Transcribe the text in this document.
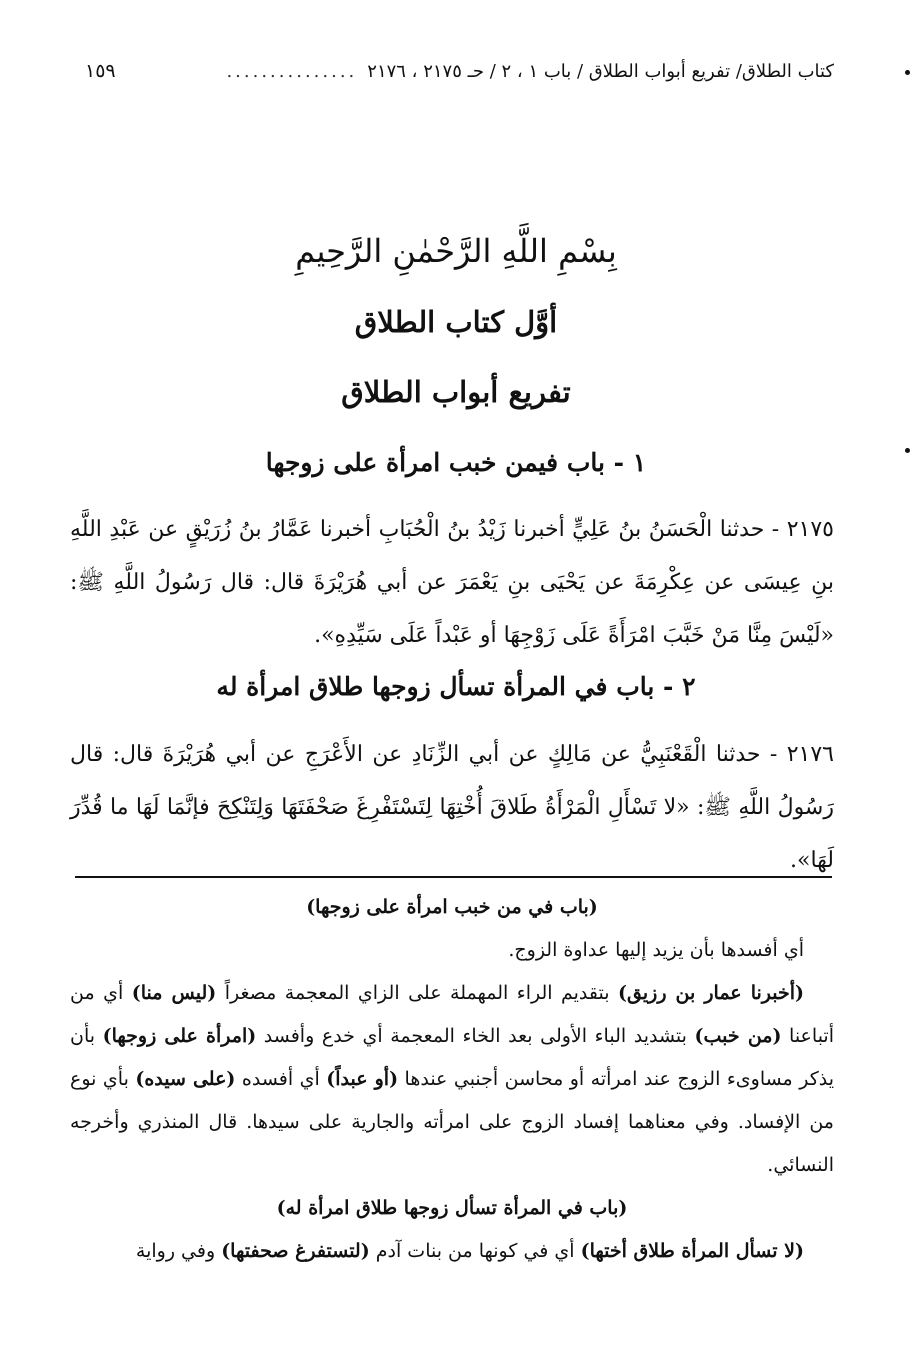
كتاب الطلاق/ تفريع أبواب الطلاق / باب ١ ، ٢ / حـ ٢١٧٥ ، ٢١٧٦
...............
١٥٩
بِسْمِ اللَّهِ الرَّحْمٰنِ الرَّحِيمِ
أوَّل كتاب الطلاق
تفريع أبواب الطلاق
١ - باب فيمن خبب امرأة على زوجها
٢١٧٥ - حدثنا الْحَسَنُ بنُ عَلِيٍّ أخبرنا زَيْدُ بنُ الْحُبَابِ أخبرنا عَمَّارُ بنُ زُرَيْقٍ عن عَبْدِ اللَّهِ بنِ عِيسَى عن عِكْرِمَةَ عن يَحْيَى بنِ يَعْمَرَ عن أبي هُرَيْرَةَ قال: قال رَسُولُ اللَّهِ ﷺ: «لَيْسَ مِنَّا مَنْ خَبَّبَ امْرَأَةً عَلَى زَوْجِهَا أو عَبْداً عَلَى سَيِّدِهِ».
٢ - باب في المرأة تسأل زوجها طلاق امرأة له
٢١٧٦ - حدثنا الْقَعْنَبِيُّ عن مَالِكٍ عن أبي الزِّنَادِ عن الأَعْرَجِ عن أبي هُرَيْرَةَ قال: قال رَسُولُ اللَّهِ ﷺ: «لا تَسْأَلِ الْمَرْأَةُ طَلاقَ أُخْتِهَا لِتَسْتَفْرِغَ صَحْفَتَهَا وَلِتَنْكِحَ فإنَّمَا لَهَا ما قُدِّرَ لَهَا».

(باب في من خبب امرأة على زوجها)

أي أفسدها بأن يزيد إليها عداوة الزوج.

(أخبرنا عمار بن رزيق) بتقديم الراء المهملة على الزاي المعجمة مصغراً (ليس منا) أي من أتباعنا (من خبب) بتشديد الباء الأولى بعد الخاء المعجمة أي خدع وأفسد (امرأة على زوجها) بأن يذكر مساوىء الزوج عند امرأته أو محاسن أجنبي عندها (أو عبداً) أي أفسده (على سيده) بأي نوع من الإفساد. وفي معناهما إفساد الزوج على امرأته والجارية على سيدها. قال المنذري وأخرجه النسائي.

(باب في المرأة تسأل زوجها طلاق امرأة له)

(لا تسأل المرأة طلاق أختها) أي في كونها من بنات آدم (لتستفرغ صحفتها) وفي رواية
